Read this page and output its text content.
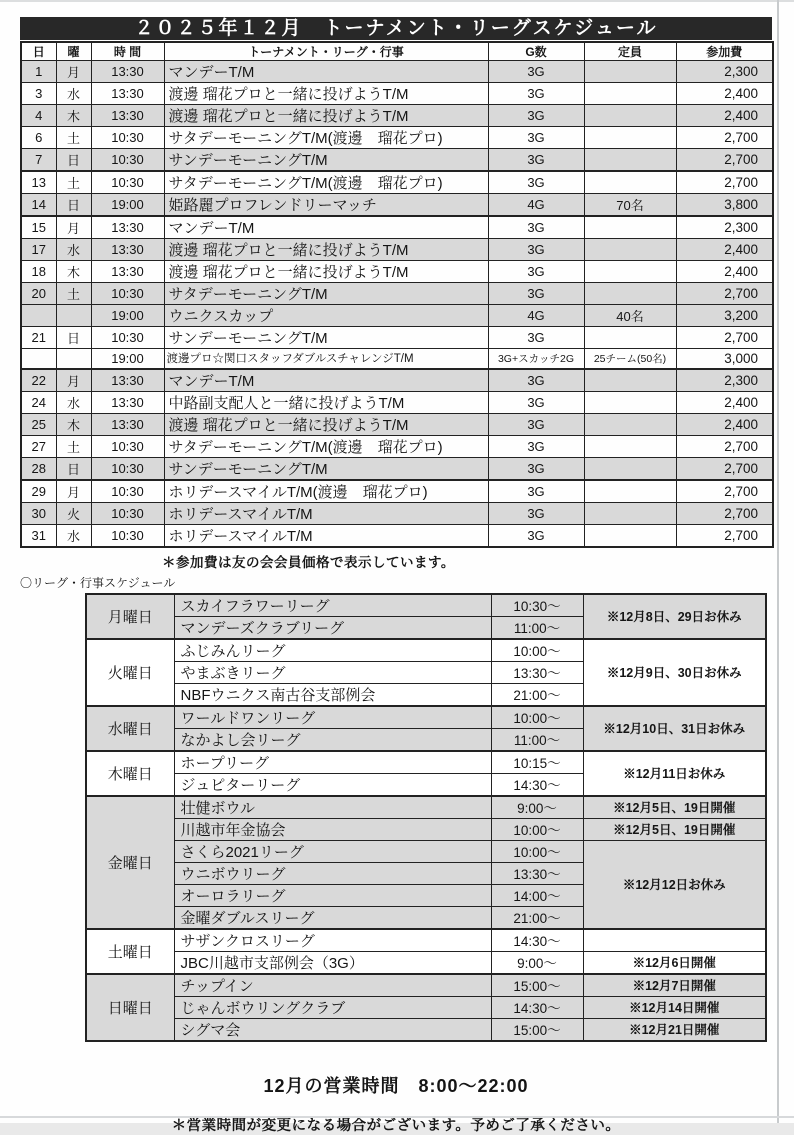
２０２５年１２月　トーナメント・リーグスケジュール
日	曜	時 間	トーナメント・リーグ・行事	G数	定員	参加費
1	月	13:30	マンデーT/M	3G		2,300
3	水	13:30	渡邊 瑠花プロと一緒に投げようT/M	3G		2,400
4	木	13:30	渡邊 瑠花プロと一緒に投げようT/M	3G		2,400
6	土	10:30	サタデーモーニングT/M(渡邊　瑠花プロ)	3G		2,700
7	日	10:30	サンデーモーニングT/M	3G		2,700
13	土	10:30	サタデーモーニングT/M(渡邊　瑠花プロ)	3G		2,700
14	日	19:00	姫路麗プロフレンドリーマッチ	4G	70名	3,800
15	月	13:30	マンデーT/M	3G		2,300
17	水	13:30	渡邊 瑠花プロと一緒に投げようT/M	3G		2,400
18	木	13:30	渡邊 瑠花プロと一緒に投げようT/M	3G		2,400
20	土	10:30	サタデーモーニングT/M	3G		2,700
		19:00	ウニクスカップ	4G	40名	3,200
21	日	10:30	サンデーモーニングT/M	3G		2,700
		19:00	渡邊プロ☆関口スタッフダブルスチャレンジT/M	3G+スカッチ2G	25チーム(50名)	3,000
22	月	13:30	マンデーT/M	3G		2,300
24	水	13:30	中路副支配人と一緒に投げようT/M	3G		2,400
25	木	13:30	渡邊 瑠花プロと一緒に投げようT/M	3G		2,400
27	土	10:30	サタデーモーニングT/M(渡邊　瑠花プロ)	3G		2,700
28	日	10:30	サンデーモーニングT/M	3G		2,700
29	月	10:30	ホリデースマイルT/M(渡邊　瑠花プロ)	3G		2,700
30	火	10:30	ホリデースマイルT/M	3G		2,700
31	水	10:30	ホリデースマイルT/M	3G		2,700
＊参加費は友の会会員価格で表示しています。
〇リーグ・行事スケジュール
月曜日	スカイフラワーリーグ	10:30～	※12月8日、29日お休み
	マンデーズクラブリーグ	11:00～	
火曜日	ふじみんリーグ	10:00～	※12月9日、30日お休み
	やまぶきリーグ	13:30～	
	NBFウニクス南古谷支部例会	21:00～	
水曜日	ワールドワンリーグ	10:00～	※12月10日、31日お休み
	なかよし会リーグ	11:00～	
木曜日	ホープリーグ	10:15～	※12月11日お休み
	ジュピターリーグ	14:30～	
金曜日	壮健ボウル	9:00～	※12月5日、19日開催
	川越市年金協会	10:00～	※12月5日、19日開催
	さくら2021リーグ	10:00～	※12月12日お休み
	ウニボウリーグ	13:30～	
	オーロラリーグ	14:00～	
	金曜ダブルスリーグ	21:00～	
土曜日	サザンクロスリーグ	14:30～	
	JBC川越市支部例会（3G）	9:00～	※12月6日開催
日曜日	チップイン	15:00～	※12月7日開催
	じゃんボウリングクラブ	14:30～	※12月14日開催
	シグマ会	15:00～	※12月21日開催
12月の営業時間　8:00～22:00
＊営業時間が変更になる場合がございます。予めご了承ください。
